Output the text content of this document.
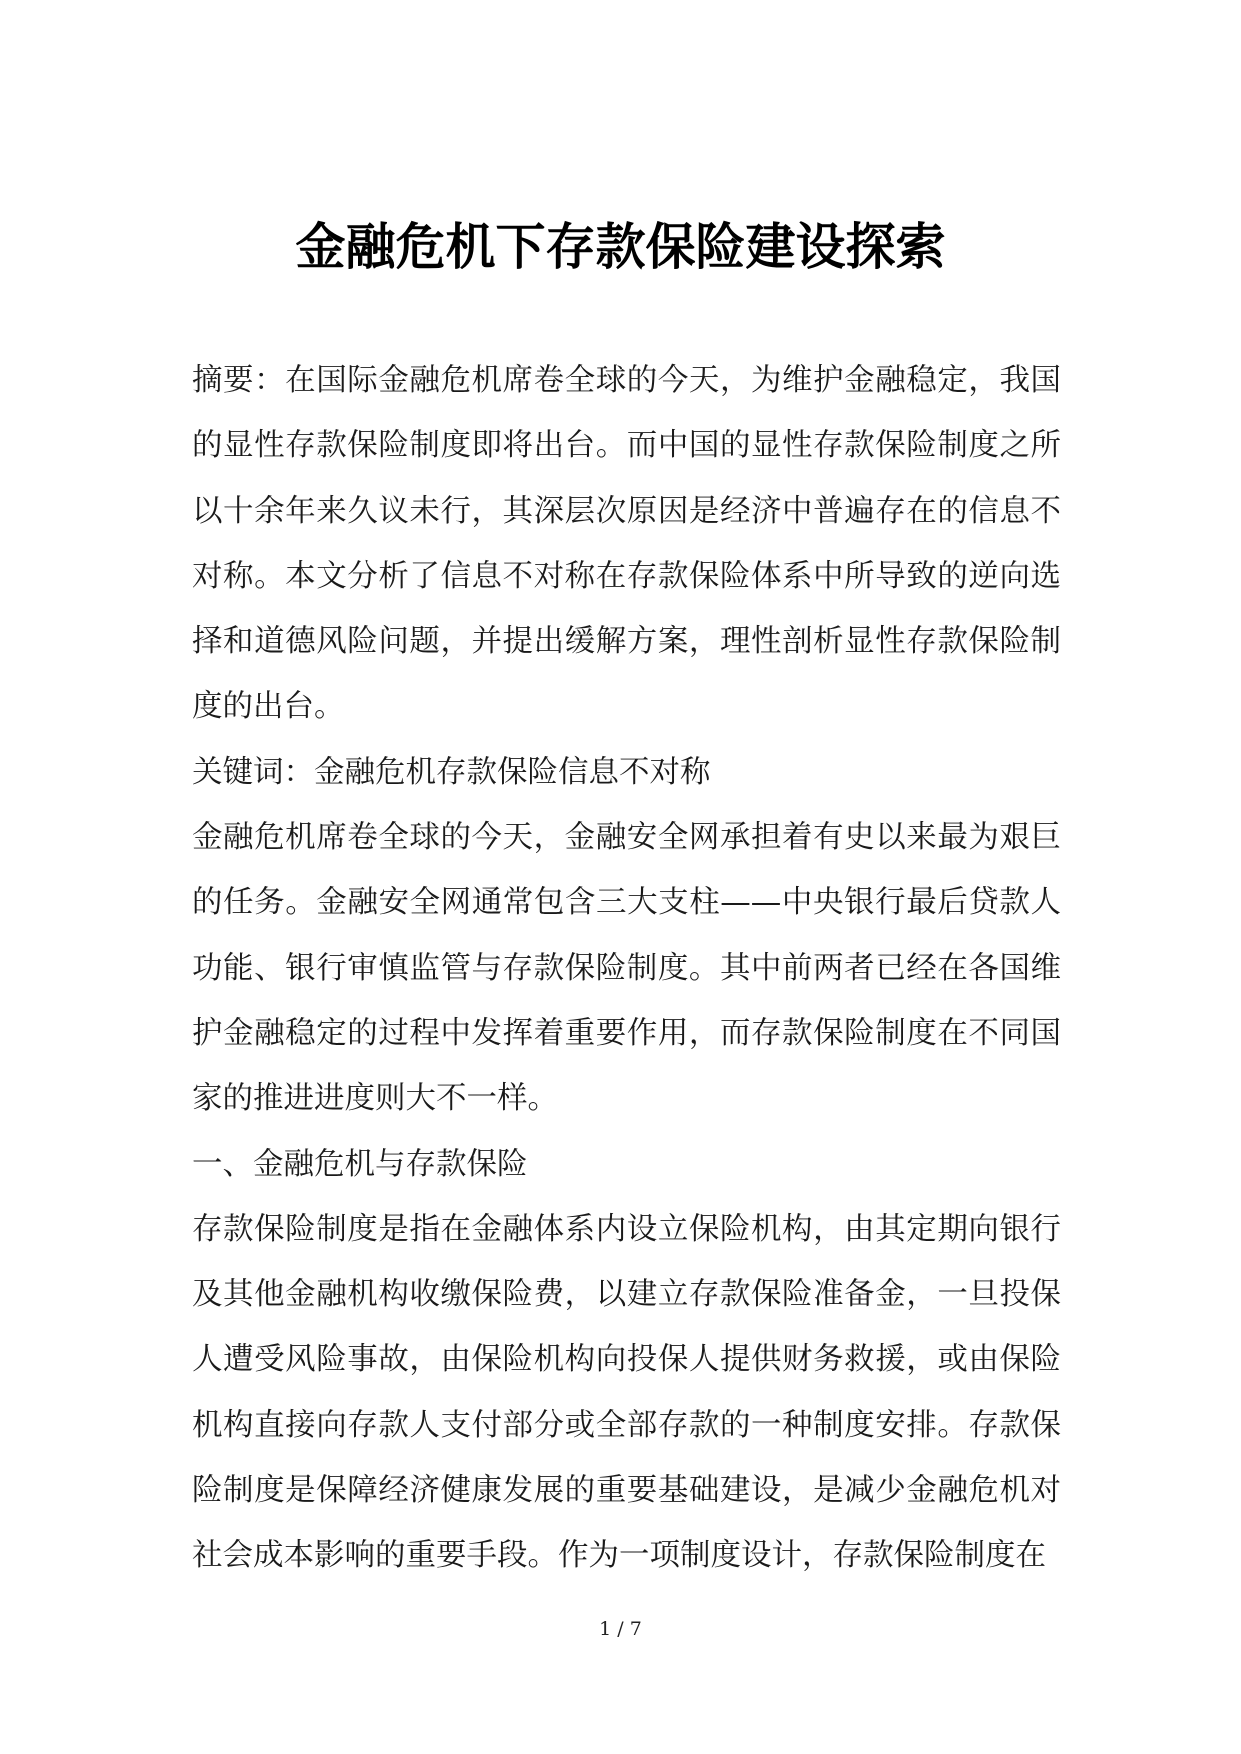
金融危机下存款保险建设探索

摘要：在国际金融危机席卷全球的今天，为维护金融稳定，我国的显性存款保险制度即将出台。而中国的显性存款保险制度之所以十余年来久议未行，其深层次原因是经济中普遍存在的信息不对称。本文分析了信息不对称在存款保险体系中所导致的逆向选择和道德风险问题，并提出缓解方案，理性剖析显性存款保险制度的出台。

关键词：金融危机存款保险信息不对称

金融危机席卷全球的今天，金融安全网承担着有史以来最为艰巨的任务。金融安全网通常包含三大支柱——中央银行最后贷款人功能、银行审慎监管与存款保险制度。其中前两者已经在各国维护金融稳定的过程中发挥着重要作用，而存款保险制度在不同国家的推进进度则大不一样。

一、金融危机与存款保险

存款保险制度是指在金融体系内设立保险机构，由其定期向银行及其他金融机构收缴保险费，以建立存款保险准备金，一旦投保人遭受风险事故，由保险机构向投保人提供财务救援，或由保险机构直接向存款人支付部分或全部存款的一种制度安排。存款保险制度是保障经济健康发展的重要基础建设，是减少金融危机对社会成本影响的重要手段。作为一项制度设计，存款保险制度在

1 / 7
